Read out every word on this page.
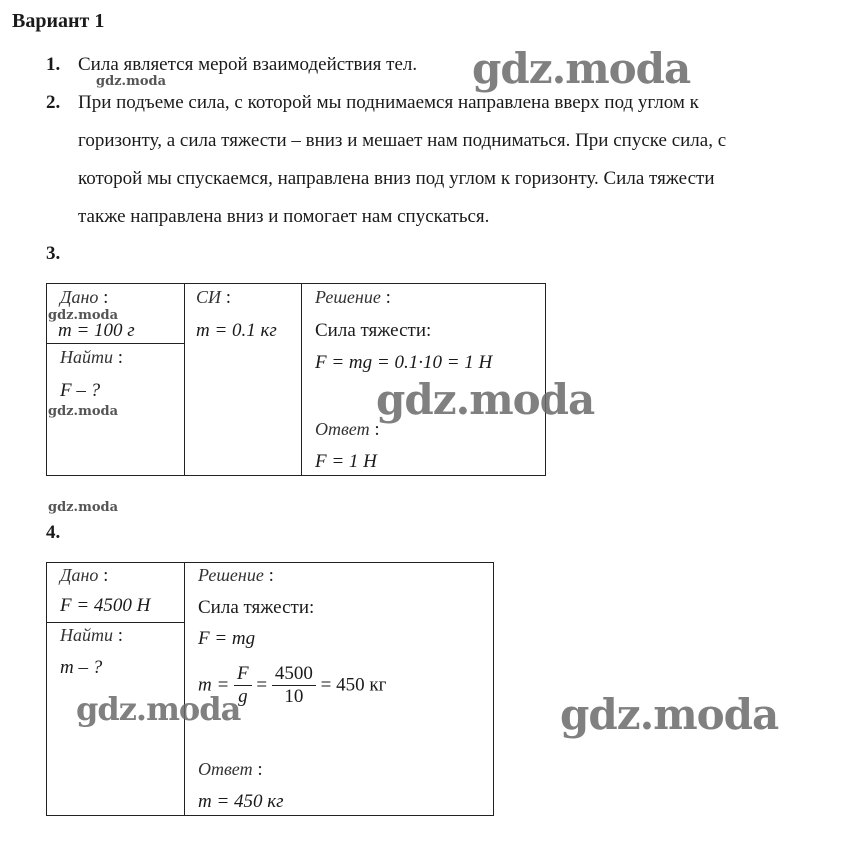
Вариант 1
1. Сила является мерой взаимодействия тел.
2. При подъеме сила, с которой мы поднимаемся направлена вверх под углом к
горизонту, а сила тяжести – вниз и мешает нам подниматься. При спуске сила, с
которой мы спускаемся, направлена вниз под углом к горизонту. Сила тяжести
также направлена вниз и помогает нам спускаться.
3.
Дано :
m = 100 г
Найти :
F – ?
СИ :
m = 0.1 кг
Решение :
Сила тяжести:
F = mg = 0.1·10 = 1 Н
Ответ :
F = 1 Н
4.
Дано :
F = 4500 Н
Найти :
m – ?
Решение :
Сила тяжести:
F = mg
$m = \frac{F}{g} = \frac{4500}{10} = 450$ кг
Ответ :
m = 450 кг
gdz.moda
gdz.moda
gdz.moda
gdz.moda
gdz.moda
gdz.moda
gdz.moda	gdz.moda
